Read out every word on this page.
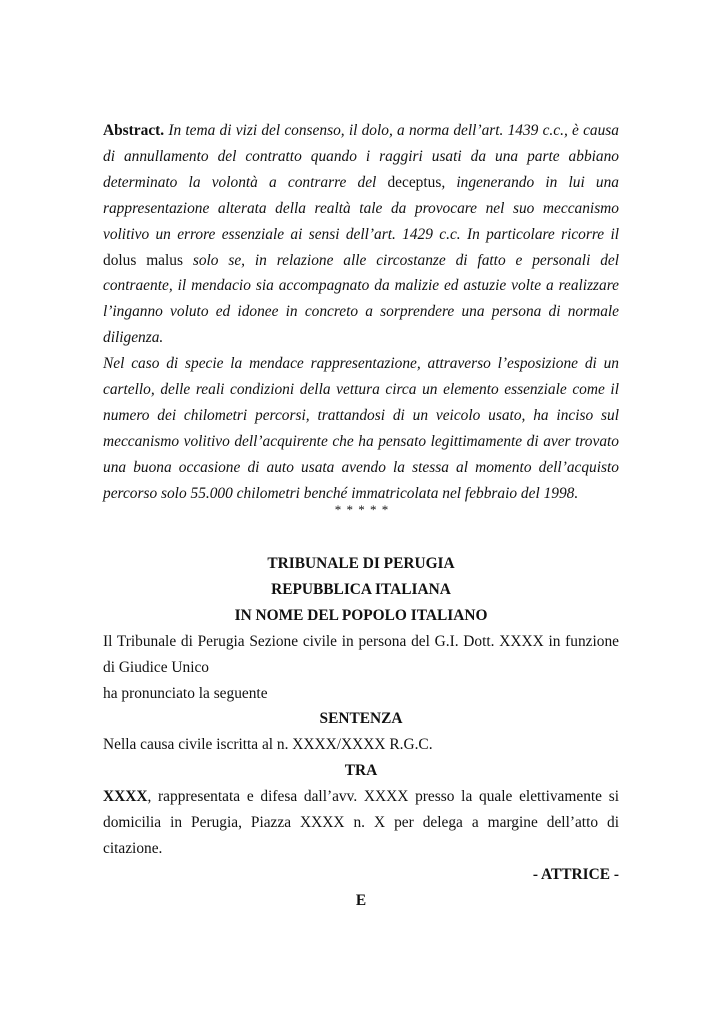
Abstract. In tema di vizi del consenso, il dolo, a norma dell’art. 1439 c.c., è causa di annullamento del contratto quando i raggiri usati da una parte abbiano determinato la volontà a contrarre del deceptus, ingenerando in lui una rappresentazione alterata della realtà tale da provocare nel suo meccanismo volitivo un errore essenziale ai sensi dell’art. 1429 c.c. In particolare ricorre il dolus malus solo se, in relazione alle circostanze di fatto e personali del contraente, il mendacio sia accompagnato da malizie ed astuzie volte a realizzare l’inganno voluto ed idonee in concreto a sorprendere una persona di normale diligenza.

Nel caso di specie la mendace rappresentazione, attraverso l’esposizione di un cartello, delle reali condizioni della vettura circa un elemento essenziale come il numero dei chilometri percorsi, trattandosi di un veicolo usato, ha inciso sul meccanismo volitivo dell’acquirente che ha pensato legittimamente di aver trovato una buona occasione di auto usata avendo la stessa al momento dell’acquisto percorso solo 55.000 chilometri benché immatricolata nel febbraio del 1998.

* * * * *

TRIBUNALE DI PERUGIA

REPUBBLICA ITALIANA

IN NOME DEL POPOLO ITALIANO

Il Tribunale di Perugia Sezione civile in persona del G.I. Dott. XXXX in funzione di Giudice Unico

ha pronunciato la seguente

SENTENZA

Nella causa civile iscritta al n. XXXX/XXXX R.G.C.

TRA

XXXX, rappresentata e difesa dall’avv. XXXX presso la quale elettivamente si domicilia in Perugia, Piazza XXXX n. X per delega a margine dell’atto di citazione.

- ATTRICE -

E
